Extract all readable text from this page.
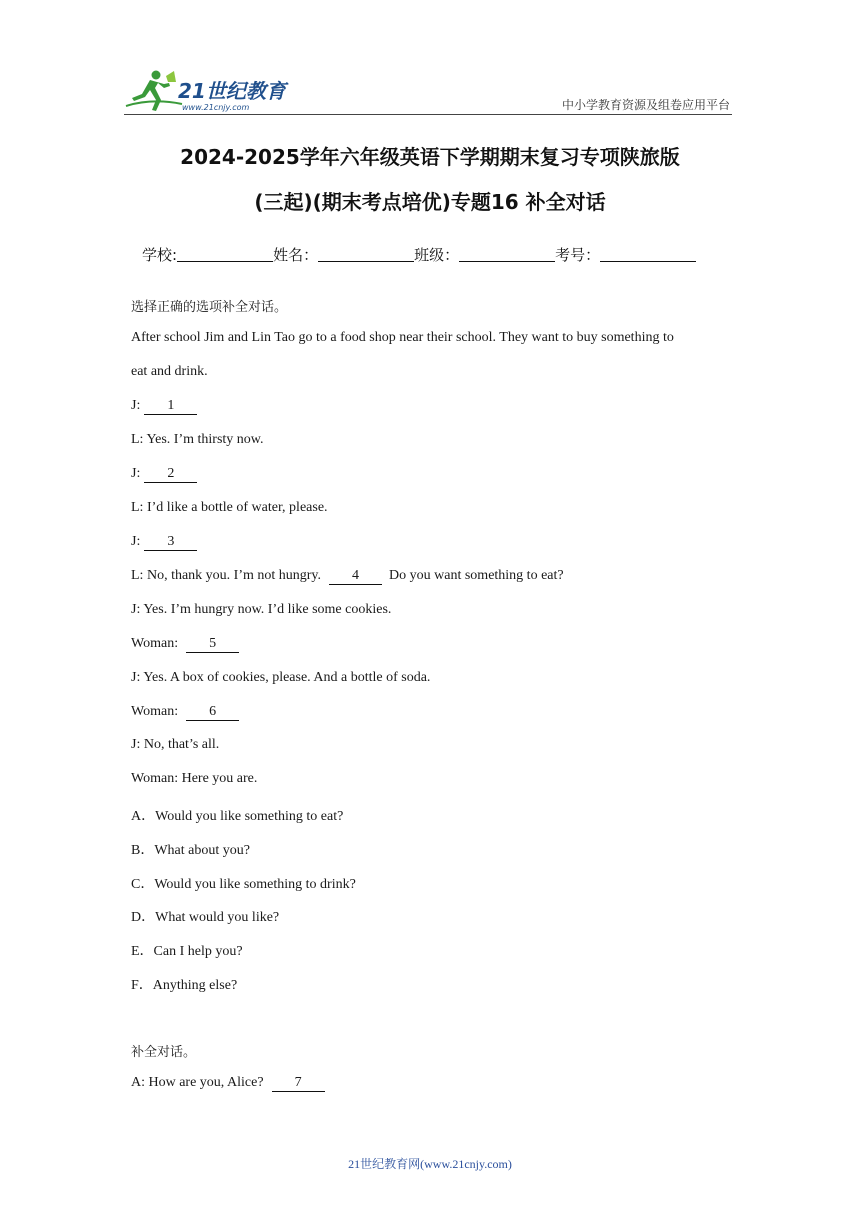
21世纪教育
www.21cnjy.com	中小学教育资源及组卷应用平台
2024-2025学年六年级英语下学期期末复习专项陕旅版
(三起)(期末考点培优)专题16 补全对话
学校:	姓名：	班级：	考号：
选择正确的选项补全对话。
After school Jim and Lin Tao go to a food shop near their school. They want to buy something to
eat and drink.
J: 1
L: Yes. I’m thirsty now.
J: 2
L: I’d like a bottle of water, please.
J: 3
L: No, thank you. I’m not hungry. 4 Do you want something to eat?
J: Yes. I’m hungry now. I’d like some cookies.
Woman: 5
J: Yes. A box of cookies, please. And a bottle of soda.
Woman: 6
J: No, that’s all.
Woman: Here you are.
A．Would you like something to eat?
B．What about you?
C．Would you like something to drink?
D．What would you like?
E．Can I help you?
F．Anything else?
补全对话。
A: How are you, Alice? 7
21世纪教育网(www.21cnjy.com)
